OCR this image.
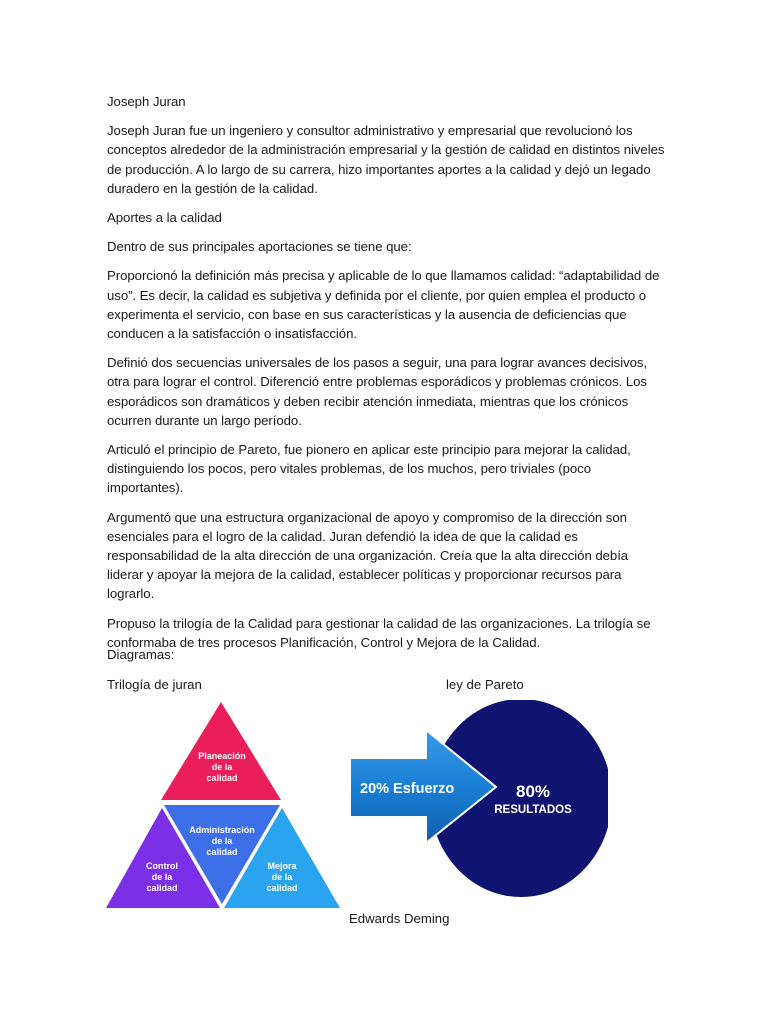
Joseph Juran

Joseph Juran fue un ingeniero y consultor administrativo y empresarial que revolucionó los conceptos alrededor de la administración empresarial y la gestión de calidad en distintos niveles de producción. A lo largo de su carrera, hizo importantes aportes a la calidad y dejó un legado duradero en la gestión de la calidad.

Aportes a la calidad

Dentro de sus principales aportaciones se tiene que:

Proporcionó la definición más precisa y aplicable de lo que llamamos calidad: “adaptabilidad de uso”. Es decir, la calidad es subjetiva y definida por el cliente, por quien emplea el producto o experimenta el servicio, con base en sus características y la ausencia de deficiencias que conducen a la satisfacción o insatisfacción.

Definió dos secuencias universales de los pasos a seguir, una para lograr avances decisivos, otra para lograr el control. Diferenció entre problemas esporádicos y problemas crónicos. Los esporádicos son dramáticos y deben recibir atención inmediata, mientras que los crónicos ocurren durante un largo período.

Articuló el principio de Pareto, fue pionero en aplicar este principio para mejorar la calidad, distinguiendo los pocos, pero vitales problemas, de los muchos, pero triviales (poco importantes).

Argumentó que una estructura organizacional de apoyo y compromiso de la dirección son esenciales para el logro de la calidad. Juran defendió la idea de que la calidad es responsabilidad de la alta dirección de una organización. Creía que la alta dirección debía liderar y apoyar la mejora de la calidad, establecer políticas y proporcionar recursos para lograrlo.

Propuso la trilogía de la Calidad para gestionar la calidad de las organizaciones. La trilogía se conformaba de tres procesos Planificación, Control y Mejora de la Calidad.

Diagramas:

Trilogía de juran	ley de Pareto

Planeación
de la
calidad
Administración
de la
calidad
Control
de la
calidad
Mejora
de la
calidad
20% Esfuerzo	80%
RESULTADOS

Edwards Deming
